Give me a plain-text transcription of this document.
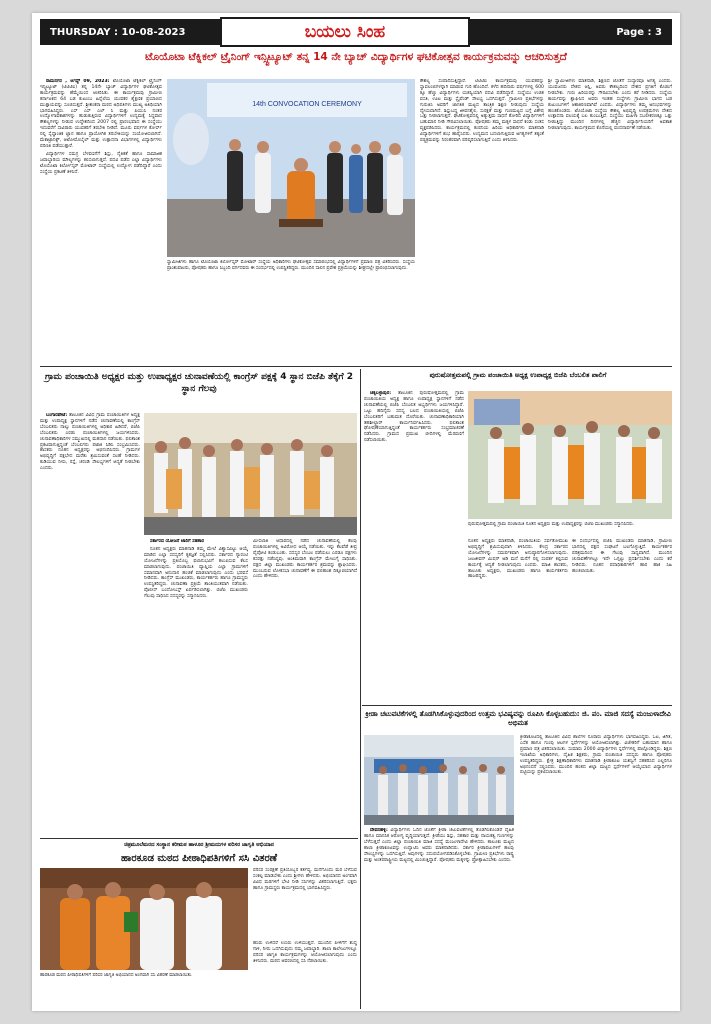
THURSDAY : 10-08-2023	ಬಯಲು ಸಿಂಹ	Page : 3
ಟೊಯೊಟಾ ಟೆಕ್ನಿಕಲ್ ಟ್ರೈನಿಂಗ್ ಇನ್ಸ್ಟಿಟ್ಯೂಟ್ ತನ್ನ 14 ನೇ ಬ್ಯಾಚ್ ವಿದ್ಯಾರ್ಥಿಗಳ ಘಟಿಕೋತ್ಸವ ಕಾರ್ಯಕ್ರಮವನ್ನು ಆಚರಿಸುತ್ತದೆ

ರಾಮನಗರ , ಆಗಸ್ಟ್ 09, 2023: ಟೊಯೊಟಾ ಟೆಕ್ನಿಕಲ್ ಟ್ರೈನಿಂಗ್ ಇನ್ಸ್ಟಿಟ್ಯೂಟ್ (ಟಿಟಿಟಿಐ) ತನ್ನ 14ನೇ ಬ್ಯಾಚ್ ವಿದ್ಯಾರ್ಥಿಗಳ ಘಟಿಕೋತ್ಸವ ಕಾರ್ಯಕ್ರಮವನ್ನು ಹೆಮ್ಮೆಯಿಂದ ಆಚರಿಸಿತು. ಈ ಕಾರ್ಯಕ್ರಮವು ಗ್ರಾಮೀಣ ಕರ್ನಾಟಕದ 64 ಬಡ ಕುಟುಂಬ ಹಿನ್ನೆಲೆಯ ಯುವಕರ ಶೈಕ್ಷಣಿಕ ಪ್ರಯಾಣದ ಮುಕ್ತಾಯವನ್ನು ಸೂಚಿಸುತ್ತದೆ. ಶ್ರೀಶಂಕರಾ ಮಠದ ಅಧಿಪತಿಗಳು ಮುಖ್ಯ ಅತಿಥಿಯಾಗಿ ಭಾಗವಹಿಸಿದ್ದರು. ಎಸ್ ಎಸ್ ಎಲ್ ಸಿ ಮತ್ತು ಪಿಯುಸಿ ನಂತರ ಉದ್ಯೋಗಾವಕಾಶಗಳನ್ನು ಹುಡುಕುತ್ತಿರುವ ವಿದ್ಯಾರ್ಥಿಗಳಿಗೆ ಉದ್ಯಮಕ್ಕೆ ಸಿದ್ಧವಾದ ಕೌಶಲ್ಯಗಳನ್ನು ನೀಡುವ ಉದ್ದೇಶದಿಂದ 2007 ರಲ್ಲಿ ಪ್ರಾರಂಭವಾದ ಈ ಸಂಸ್ಥೆಯು ಇದುವರೆಗೆ ಸಾವಿರಾರು ಯುವಕರಿಗೆ ತರಬೇತಿ ನೀಡಿದೆ. ಮೂರು ವರ್ಷಗಳ ಕೋರ್ಸ್ ನಲ್ಲಿ ಸೈದ್ಧಾಂತಿಕ ಜ್ಞಾನ ಹಾಗೂ ಪ್ರಾಯೋಗಿಕ ತರಬೇತಿಯನ್ನು ಸಂಯೋಜಿಸಲಾಗಿದೆ. ಮೆಕಾಟ್ರಾನಿಕ್ಸ್, ಆಟೋಮೊಬೈಲ್ ಮತ್ತು ಉತ್ಪಾದನಾ ವಿಭಾಗಗಳಲ್ಲಿ ವಿದ್ಯಾರ್ಥಿಗಳು ಪರಿಣತಿ ಪಡೆಯುತ್ತಾರೆ.

ವಿದ್ಯಾರ್ಥಿಗಳ ಸಮಗ್ರ ಬೆಳವಣಿಗೆಗೆ ಶಿಸ್ತು, ನೈತಿಕತೆ ಹಾಗೂ ಸಾಮಾಜಿಕ ಜವಾಬ್ದಾರಿಯ ಮೌಲ್ಯಗಳನ್ನು ಕಲಿಸಲಾಗುತ್ತದೆ. ಪದವಿ ಪಡೆದ ಎಲ್ಲಾ ವಿದ್ಯಾರ್ಥಿಗಳು ಟೊಯೊಟಾ ಕಿರ್ಲೋಸ್ಕರ್ ಮೋಟಾರ್ ಸಂಸ್ಥೆಯಲ್ಲಿ ಉದ್ಯೋಗ ಪಡೆದಿದ್ದಾರೆ ಎಂದು ಸಂಸ್ಥೆಯ ಪ್ರಕಟಣೆ ತಿಳಿಸಿದೆ.

14th CONVOCATION CEREMONY
ಸ್ವಾಮೀಜಿಗಳು ಹಾಗೂ ಟೊಯೊಟಾ ಕಿರ್ಲೋಸ್ಕರ್ ಮೋಟಾರ್ ಸಂಸ್ಥೆಯ ಅಧಿಕಾರಿಗಳು ಘಟಿಕೋತ್ಸವ ಸಮಾರಂಭದಲ್ಲಿ ವಿದ್ಯಾರ್ಥಿಗಳಿಗೆ ಪ್ರಮಾಣ ಪತ್ರ ವಿತರಿಸಿದರು. ಸಂಸ್ಥೆಯ ಪ್ರಾಂಶುಪಾಲರು, ಪೋಷಕರು ಹಾಗೂ ಸಿಬ್ಬಂದಿ ವರ್ಗದವರು ಈ ಸಂದರ್ಭದಲ್ಲಿ ಉಪಸ್ಥಿತರಿದ್ದರು. ಮುಂದಿನ ಸಾಲಿನ ಪ್ರವೇಶ ಪ್ರಕ್ರಿಯೆಯನ್ನು ಶೀಘ್ರದಲ್ಲೇ ಪ್ರಾರಂಭಿಸಲಾಗುವುದು.
ಕೌಶಲ್ಯ ಸಂಪಾದಿಸುತ್ತಿದ್ದಾರೆ. ಟಿಟಿಟಿಐ ಕಾರ್ಯಕ್ರಮವು ಯುವಕರನ್ನು ಸ್ವಾವಲಂಬಿಗಳನ್ನಾಗಿ ಮಾಡುವ ಗುರಿ ಹೊಂದಿದೆ. ಕಳೆದ ಹದಿನಾರು ವರ್ಷಗಳಲ್ಲಿ 600 ಕ್ಕೂ ಹೆಚ್ಚು ವಿದ್ಯಾರ್ಥಿಗಳು ಯಶಸ್ವಿಯಾಗಿ ಪದವಿ ಪಡೆದಿದ್ದಾರೆ. ಸಂಸ್ಥೆಯು ಉಚಿತ ವಸತಿ, ಊಟ ಮತ್ತು ಸ್ಟೈಪೆಂಡ್ ಸೌಲಭ್ಯ ಒದಗಿಸುತ್ತದೆ. ಗ್ರಾಮೀಣ ಪ್ರತಿಭೆಗಳನ್ನು ಗುರುತಿಸಿ ಅವರಿಗೆ ಜಾಗತಿಕ ಮಟ್ಟದ ತಾಂತ್ರಿಕ ಶಿಕ್ಷಣ ನೀಡುವುದು ಸಂಸ್ಥೆಯ ಧ್ಯೇಯವಾಗಿದೆ. ಶಿಸ್ತುಬದ್ಧ ಜೀವನಶೈಲಿ, ಸುರಕ್ಷತೆ ಮತ್ತು ಗುಣಮಟ್ಟದ ಬಗ್ಗೆ ವಿಶೇಷ ಒತ್ತು ನೀಡಲಾಗುತ್ತದೆ. ಘಟಿಕೋತ್ಸವದಲ್ಲಿ ಅತ್ಯುತ್ತಮ ಸಾಧನೆ ತೋರಿದ ವಿದ್ಯಾರ್ಥಿಗಳಿಗೆ ಬಹುಮಾನ ನೀಡಿ ಗೌರವಿಸಲಾಯಿತು. ಪೋಷಕರು ತಮ್ಮ ಮಕ್ಕಳ ಸಾಧನೆ ಕಂಡು ಸಂತಸ ವ್ಯಕ್ತಪಡಿಸಿದರು. ಕಾರ್ಯಕ್ರಮದಲ್ಲಿ ಕಂಪನಿಯ ಹಿರಿಯ ಅಧಿಕಾರಿಗಳು ಮಾತನಾಡಿ ವಿದ್ಯಾರ್ಥಿಗಳಿಗೆ ಶುಭ ಹಾರೈಸಿದರು. ಉದ್ಯಮದ ಬದಲಾಗುತ್ತಿರುವ ಅಗತ್ಯಗಳಿಗೆ ತಕ್ಕಂತೆ ಪಠ್ಯಕ್ರಮವನ್ನು ನಿರಂತರವಾಗಿ ಪರಿಷ್ಕರಿಸಲಾಗುತ್ತಿದೆ ಎಂದು ತಿಳಿಸಿದರು.
ಶ್ರೀ ಸ್ವಾಮೀಜಿಗಳು ಮಾತನಾಡಿ, ಶಿಕ್ಷಣದ ಜೊತೆಗೆ ಸಂಸ್ಕಾರವೂ ಅಗತ್ಯ ಎಂದರು. ಯುವಜನರು ದೇಶದ ಆಸ್ತಿ, ಅವರು ಕೌಶಲ್ಯದಿಂದ ದೇಶದ ಪ್ರಗತಿಗೆ ಕೊಡುಗೆ ನೀಡಬೇಕು. ಗುರು ಹಿರಿಯರನ್ನು ಗೌರವಿಸಬೇಕು ಎಂದು ಕರೆ ನೀಡಿದರು. ಸಂಸ್ಥೆಯ ಕಾರ್ಯವನ್ನು ಶ್ಲಾಘಿಸಿದ ಅವರು ಇಂತಹ ಸಂಸ್ಥೆಗಳು ಗ್ರಾಮೀಣ ಭಾಗದ ಬಡ ಕುಟುಂಬಗಳಿಗೆ ಆಶಾಕಿರಣವಾಗಿವೆ ಎಂದರು. ವಿದ್ಯಾರ್ಥಿಗಳು ತಮ್ಮ ಅನುಭವಗಳನ್ನು ಹಂಚಿಕೊಂಡರು. ಟೊಯೊಟಾ ಸಂಸ್ಥೆಯ ಕೌಶಲ್ಯ ಅಭಿವೃದ್ಧಿ ಉಪಕ್ರಮಗಳು ದೇಶದ ಉತ್ಪಾದನಾ ವಲಯಕ್ಕೆ ಬಲ ತುಂಬುತ್ತಿವೆ. ಸಂಸ್ಥೆಯು ಮಹಿಳಾ ಸಬಲೀಕರಣಕ್ಕೂ ಒತ್ತು ನೀಡುತ್ತಿದ್ದು ಮುಂದಿನ ದಿನಗಳಲ್ಲಿ ಹೆಚ್ಚಿನ ವಿದ್ಯಾರ್ಥಿನಿಯರಿಗೆ ಅವಕಾಶ ನೀಡಲಾಗುವುದು. ಕಾರ್ಯಕ್ರಮದ ಕೊನೆಯಲ್ಲಿ ವಂದನಾರ್ಪಣೆ ನಡೆಯಿತು.
ಗ್ರಾಮ ಪಂಚಾಯಿತಿ ಅಧ್ಯಕ್ಷರ ಮತ್ತು ಉಪಾಧ್ಯಕ್ಷರ ಚುನಾವಣೆಯಲ್ಲಿ ಕಾಂಗ್ರೆಸ್ ಪಕ್ಷಕ್ಕೆ 4 ಸ್ಥಾನ ಬಿಜೆಪಿ ತೆಕ್ಕೆಗೆ 2 ಸ್ಥಾನ ಗೆಲವು

ಬಂಗಾರಪೇಟೆ: ತಾಲೂಕಿನ ವಿವಿಧ ಗ್ರಾಮ ಪಂಚಾಯಿತಿಗಳ ಅಧ್ಯಕ್ಷ ಮತ್ತು ಉಪಾಧ್ಯಕ್ಷ ಸ್ಥಾನಗಳಿಗೆ ನಡೆದ ಚುನಾವಣೆಯಲ್ಲಿ ಕಾಂಗ್ರೆಸ್ ಬೆಂಬಲಿತರು ನಾಲ್ಕು ಪಂಚಾಯಿತಿಗಳಲ್ಲಿ ಅಧಿಕಾರ ಹಿಡಿದರೆ, ಬಿಜೆಪಿ ಬೆಂಬಲಿತರು ಎರಡು ಪಂಚಾಯಿತಿಗಳಲ್ಲಿ ಜಯಗಳಿಸಿದರು. ಚುನಾವಣಾಧಿಕಾರಿಗಳ ಸಮ್ಮುಖದಲ್ಲಿ ಮತದಾನ ನಡೆಯಿತು. ಫಲಿತಾಂಶ ಪ್ರಕಟವಾಗುತ್ತಿದ್ದಂತೆ ಬೆಂಬಲಿಗರು ಪಟಾಕಿ ಸಿಡಿಸಿ ಸಂಭ್ರಮಿಸಿದರು. ಶಾಸಕರು ನೂತನ ಅಧ್ಯಕ್ಷರನ್ನು ಅಭಿನಂದಿಸಿದರು. ಗ್ರಾಮಗಳ ಅಭಿವೃದ್ಧಿಗೆ ಪಕ್ಷಭೇದ ಮರೆತು ಶ್ರಮಿಸುವಂತೆ ಸಲಹೆ ನೀಡಿದರು. ಕುಡಿಯುವ ನೀರು, ರಸ್ತೆ, ಚರಂಡಿ ಸೌಲಭ್ಯಗಳಿಗೆ ಆದ್ಯತೆ ನೀಡಬೇಕು ಎಂದರು.

ಸರ್ಕಾರದ ಯೋಜನೆ ಜಾರಿಗೆ ಸಹಕಾರ

ನೂತನ ಅಧ್ಯಕ್ಷರು ಮಾತನಾಡಿ ತಮ್ಮ ಮೇಲೆ ವಿಶ್ವಾಸವಿಟ್ಟು ಆಯ್ಕೆ ಮಾಡಿದ ಎಲ್ಲಾ ಸದಸ್ಯರಿಗೆ ಕೃತಜ್ಞತೆ ಸಲ್ಲಿಸಿದರು. ಸರ್ಕಾರದ ಗ್ಯಾರಂಟಿ ಯೋಜನೆಗಳನ್ನು ಪ್ರತಿಯೊಬ್ಬ ಫಲಾನುಭವಿಗೆ ತಲುಪಿಸುವ ಕೆಲಸ ಮಾಡಲಾಗುವುದು. ಪಂಚಾಯಿತಿ ವ್ಯಾಪ್ತಿಯ ಎಲ್ಲಾ ಗ್ರಾಮಗಳಿಗೆ ಸಮಾನವಾಗಿ ಅನುದಾನ ಹಂಚಿಕೆ ಮಾಡಲಾಗುವುದು ಎಂದು ಭರವಸೆ ನೀಡಿದರು. ಕಾಂಗ್ರೆಸ್ ಮುಖಂಡರು, ಕಾರ್ಯಕರ್ತರು ಹಾಗೂ ಗ್ರಾಮಸ್ಥರು ಉಪಸ್ಥಿತರಿದ್ದರು. ಚುನಾವಣಾ ಪ್ರಕ್ರಿಯೆ ಶಾಂತಿಯುತವಾಗಿ ನಡೆಯಿತು. ಪೊಲೀಸ್ ಬಂದೋಬಸ್ತ್ ಏರ್ಪಡಿಸಲಾಗಿತ್ತು. ಬಿಜೆಪಿ ಮುಖಂಡರು ಗೆಲುವು ಸಾಧಿಸಿದ ಸದಸ್ಯರನ್ನು ಸನ್ಮಾನಿಸಿದರು.

ಮೀಸಲಾತಿ ಆಧಾರದಲ್ಲಿ ನಡೆದ ಚುನಾವಣೆಯಲ್ಲಿ ಕೆಲವು ಪಂಚಾಯಿತಿಗಳಲ್ಲಿ ಅವಿರೋಧ ಆಯ್ಕೆ ನಡೆಯಿತು. ಇನ್ನು ಕೆಲವೆಡೆ ತೀವ್ರ ಪೈಪೋಟಿ ಕಂಡುಬಂತು. ಸದಸ್ಯರ ಬೆಂಬಲ ಪಡೆಯಲು ಎರಡೂ ಪಕ್ಷಗಳು ಕಸರತ್ತು ನಡೆಸಿದ್ದವು. ಅಂತಿಮವಾಗಿ ಕಾಂಗ್ರೆಸ್ ಮೇಲುಗೈ ಸಾಧಿಸಿತು. ಪಕ್ಷದ ಜಿಲ್ಲಾ ಮುಖಂಡರು ಕಾರ್ಯಕರ್ತರ ಶ್ರಮವನ್ನು ಶ್ಲಾಘಿಸಿದರು. ಮುಂಬರುವ ಲೋಕಸಭಾ ಚುನಾವಣೆಗೆ ಈ ಫಲಿತಾಂಶ ದಿಕ್ಸೂಚಿಯಾಗಿದೆ ಎಂದು ಹೇಳಿದರು.
ಪುರುಷೋತ್ತಮಪಲ್ಲಿ ಗ್ರಾಮ ಪಂಚಾಯಿತಿ ಅಧ್ಯಕ್ಷ ಉಪಾಧ್ಯಕ್ಷ ಬಿಜೆಪಿ ಬೆಂಬಲಿತ ಪಾಲಿಗೆ

ಚಿಕ್ಕಬಳ್ಳಾಪುರ: ತಾಲೂಕಿನ ಪುರುಷೋತ್ತಮಪಲ್ಲಿ ಗ್ರಾಮ ಪಂಚಾಯಿತಿಯ ಅಧ್ಯಕ್ಷ ಹಾಗೂ ಉಪಾಧ್ಯಕ್ಷ ಸ್ಥಾನಗಳಿಗೆ ನಡೆದ ಚುನಾವಣೆಯಲ್ಲಿ ಬಿಜೆಪಿ ಬೆಂಬಲಿತ ಅಭ್ಯರ್ಥಿಗಳು ಜಯಗಳಿಸಿದ್ದಾರೆ. ಒಟ್ಟು ಹದಿನೈದು ಸದಸ್ಯ ಬಲದ ಪಂಚಾಯಿತಿಯಲ್ಲಿ ಬಿಜೆಪಿ ಬೆಂಬಲಿತರಿಗೆ ಬಹುಮತ ದೊರೆಯಿತು. ಚುನಾವಣಾಧಿಕಾರಿಯಾಗಿ ತಹಶೀಲ್ದಾರ್ ಕಾರ್ಯನಿರ್ವಹಿಸಿದರು. ಫಲಿತಾಂಶ ಘೋಷಣೆಯಾಗುತ್ತಿದ್ದಂತೆ ಕಾರ್ಯಕರ್ತರು ಸಂಭ್ರಮಾಚರಣೆ ನಡೆಸಿದರು. ಗ್ರಾಮದ ಪ್ರಮುಖ ಬೀದಿಗಳಲ್ಲಿ ಮೆರವಣಿಗೆ ನಡೆಸಲಾಯಿತು.

ಪುರುಷೋತ್ತಮಪಲ್ಲಿ ಗ್ರಾಮ ಪಂಚಾಯಿತಿ ನೂತನ ಅಧ್ಯಕ್ಷರು ಮತ್ತು ಉಪಾಧ್ಯಕ್ಷರನ್ನು ಬಿಜೆಪಿ ಮುಖಂಡರು ಸನ್ಮಾನಿಸಿದರು.
ನೂತನ ಅಧ್ಯಕ್ಷರು ಮಾತನಾಡಿ, ಪಂಚಾಯಿತಿಯ ಸರ್ವತೋಮುಖ ಅಭಿವೃದ್ಧಿಗೆ ಶ್ರಮಿಸುವುದಾಗಿ ತಿಳಿಸಿದರು. ಕೇಂದ್ರ ಸರ್ಕಾರದ ಯೋಜನೆಗಳನ್ನು ಸಮರ್ಪಕವಾಗಿ ಅನುಷ್ಠಾನಗೊಳಿಸಲಾಗುವುದು. ಜಲಜೀವನ್ ಮಿಷನ್ ಅಡಿ ಮನೆ ಮನೆಗೆ ನಲ್ಲಿ ಸಂಪರ್ಕ ಕಲ್ಪಿಸುವ ಕಾರ್ಯಕ್ಕೆ ಆದ್ಯತೆ ನೀಡಲಾಗುವುದು ಎಂದರು. ಮಾಜಿ ಶಾಸಕರು, ತಾಲೂಕು ಅಧ್ಯಕ್ಷರು, ಮುಖಂಡರು ಹಾಗೂ ಕಾರ್ಯಕರ್ತರು ಹಾಜರಿದ್ದರು.
ಈ ಸಂದರ್ಭದಲ್ಲಿ ಬಿಜೆಪಿ ಮುಖಂಡರು ಮಾತನಾಡಿ, ಗ್ರಾಮೀಣ ಭಾಗದಲ್ಲಿ ಪಕ್ಷದ ಸಂಘಟನೆ ಬಲಗೊಳ್ಳುತ್ತಿದೆ. ಕಾರ್ಯಕರ್ತರ ಪರಿಶ್ರಮದಿಂದ ಈ ಗೆಲುವು ಸಾಧ್ಯವಾಗಿದೆ. ಮುಂದಿನ ಚುನಾವಣೆಗಳಲ್ಲೂ ಇದೇ ಒಗ್ಗಟ್ಟು ಪ್ರದರ್ಶಿಸಬೇಕು ಎಂದು ಕರೆ ನೀಡಿದರು. ನೂತನ ಪದಾಧಿಕಾರಿಗಳಿಗೆ ಹಾರ ಹಾಕಿ ಸಿಹಿ ಹಂಚಲಾಯಿತು.
ಕ್ರೀಡಾ ಚಟುವಟಿಕೆಗಳಲ್ಲಿ ತೊಡಗಿಸಿಕೊಳ್ಳುವುದರಿಂದ ಉತ್ತಮ ಭವಿಷ್ಯವನ್ನು ರೂಪಿಸಿ ಕೊಳ್ಳಬಹುದು: ಜಿ. ಪಂ. ಮಾಜಿ ಸದಸ್ಯೆ ಮಂಜುಳಾದೇವಿ ಅಭಿಮತ

ದೇವನಹಳ್ಳಿ: ವಿದ್ಯಾರ್ಥಿಗಳು ಓದಿನ ಜೊತೆಗೆ ಕ್ರೀಡಾ ಚಟುವಟಿಕೆಗಳಲ್ಲಿ ತೊಡಗಿಸಿಕೊಂಡರೆ ದೈಹಿಕ ಹಾಗೂ ಮಾನಸಿಕ ಆರೋಗ್ಯ ವೃದ್ಧಿಯಾಗುತ್ತದೆ. ಕ್ರೀಡೆಯು ಶಿಸ್ತು, ಸಹಕಾರ ಮತ್ತು ನಾಯಕತ್ವ ಗುಣಗಳನ್ನು ಬೆಳೆಸುತ್ತದೆ ಎಂದು ಜಿಲ್ಲಾ ಪಂಚಾಯಿತಿ ಮಾಜಿ ಸದಸ್ಯೆ ಮಂಜುಳಾದೇವಿ ಹೇಳಿದರು. ತಾಲೂಕು ಮಟ್ಟದ ಶಾಲಾ ಕ್ರೀಡಾಕೂಟವನ್ನು ಉದ್ಘಾಟಿಸಿ ಅವರು ಮಾತನಾಡಿದರು. ಸರ್ಕಾರ ಕ್ರೀಡಾಪಟುಗಳಿಗೆ ಹಲವು ಸೌಲಭ್ಯಗಳನ್ನು ಒದಗಿಸುತ್ತಿದೆ. ಅವುಗಳನ್ನು ಸದುಪಯೋಗಪಡಿಸಿಕೊಳ್ಳಬೇಕು. ಗ್ರಾಮೀಣ ಪ್ರತಿಭೆಗಳು ರಾಷ್ಟ್ರ ಮತ್ತು ಅಂತರರಾಷ್ಟ್ರೀಯ ಮಟ್ಟದಲ್ಲಿ ಮಿಂಚುತ್ತಿದ್ದಾರೆ. ಪೋಷಕರು ಮಕ್ಕಳನ್ನು ಪ್ರೋತ್ಸಾಹಿಸಬೇಕು ಎಂದರು.

ಕ್ರೀಡಾಕೂಟದಲ್ಲಿ ತಾಲೂಕಿನ ವಿವಿಧ ಶಾಲೆಗಳ ನೂರಾರು ವಿದ್ಯಾರ್ಥಿಗಳು ಭಾಗವಹಿಸಿದ್ದರು. ಓಟ, ಜಿಗಿತ, ಎಸೆತ ಹಾಗೂ ಗುಂಪು ಆಟಗಳ ಸ್ಪರ್ಧೆಗಳನ್ನು ಆಯೋಜಿಸಲಾಗಿತ್ತು. ವಿಜೇತರಿಗೆ ಬಹುಮಾನ ಹಾಗೂ ಪ್ರಮಾಣ ಪತ್ರ ವಿತರಿಸಲಾಯಿತು. ಸುಮಾರು 2000 ವಿದ್ಯಾರ್ಥಿಗಳು ಸ್ಪರ್ಧೆಗಳಲ್ಲಿ ಪಾಲ್ಗೊಂಡಿದ್ದರು. ಶಿಕ್ಷಣ ಇಲಾಖೆಯ ಅಧಿಕಾರಿಗಳು, ದೈಹಿಕ ಶಿಕ್ಷಕರು, ಗ್ರಾಮ ಪಂಚಾಯಿತಿ ಸದಸ್ಯರು ಹಾಗೂ ಪೋಷಕರು ಉಪಸ್ಥಿತರಿದ್ದರು. ಕ್ಷೇತ್ರ ಶಿಕ್ಷಣಾಧಿಕಾರಿಗಳು ಮಾತನಾಡಿ ಕ್ರೀಡಾಕೂಟ ಯಶಸ್ವಿಗೆ ಸಹಕರಿಸಿದ ಎಲ್ಲರಿಗೂ ಅಭಿನಂದನೆ ಸಲ್ಲಿಸಿದರು. ಮುಂದಿನ ಹಂತದ ಜಿಲ್ಲಾ ಮಟ್ಟದ ಸ್ಪರ್ಧೆಗಳಿಗೆ ಆಯ್ಕೆಯಾದ ವಿದ್ಯಾರ್ಥಿಗಳ ಪಟ್ಟಿಯನ್ನು ಪ್ರಕಟಿಸಲಾಯಿತು.
ಚಿತ್ರಮೂಲೆಮರದ ಸಂಸ್ಥಾನ ಕರೀಮಠ ಹಾಳೂರ ಶ್ರೀಮದುಗಳ ಪರಿಸರ ಜಾಗೃತಿ ಅಭಿಯಾನ
ಹಾರಕೂಡ ಮಠದ ಪೀಠಾಧಿಪತಿಗಳಿಗೆ ಸಸಿ ವಿತರಣೆ
ಹಾರಕೂಡ ಮಠದ ಪೀಠಾಧಿಪತಿಗಳಿಗೆ ಪರಿಸರ ಜಾಗೃತಿ ಅಭಿಯಾನದ ಅಂಗವಾಗಿ ಸಸಿ ವಿತರಣೆ ಮಾಡಲಾಯಿತು.
ಪರಿಸರ ಸಂರಕ್ಷಣೆ ಪ್ರತಿಯೊಬ್ಬರ ಕರ್ತವ್ಯ. ಮನೆಗೊಂದು ಮರ ಬೆಳೆಸುವ ಸಂಕಲ್ಪ ಮಾಡಬೇಕು ಎಂದು ಶ್ರೀಗಳು ಹೇಳಿದರು. ಅಭಿಯಾನದ ಅಂಗವಾಗಿ ವಿವಿಧ ಮಠಗಳಿಗೆ ಭೇಟಿ ನೀಡಿ ಸಸಿಗಳನ್ನು ವಿತರಿಸಲಾಗುತ್ತಿದೆ. ಭಕ್ತರು ಹಾಗೂ ಗ್ರಾಮಸ್ಥರು ಕಾರ್ಯಕ್ರಮದಲ್ಲಿ ಭಾಗವಹಿಸಿದ್ದರು.
ಹಸಿರು ಉಳಿದರೆ ಉಸಿರು ಉಳಿಯುತ್ತದೆ. ಮುಂದಿನ ಪೀಳಿಗೆಗೆ ಶುದ್ಧ ಗಾಳಿ, ನೀರು ಒದಗಿಸುವುದು ನಮ್ಮ ಜವಾಬ್ದಾರಿ. ಶಾಲಾ ಕಾಲೇಜುಗಳಲ್ಲೂ ಪರಿಸರ ಜಾಗೃತಿ ಕಾರ್ಯಕ್ರಮಗಳನ್ನು ಆಯೋಜಿಸಲಾಗುವುದು ಎಂದು ತಿಳಿಸಿದರು. ಮಠದ ಆವರಣದಲ್ಲಿ ಸಸಿ ನೆಡಲಾಯಿತು.
